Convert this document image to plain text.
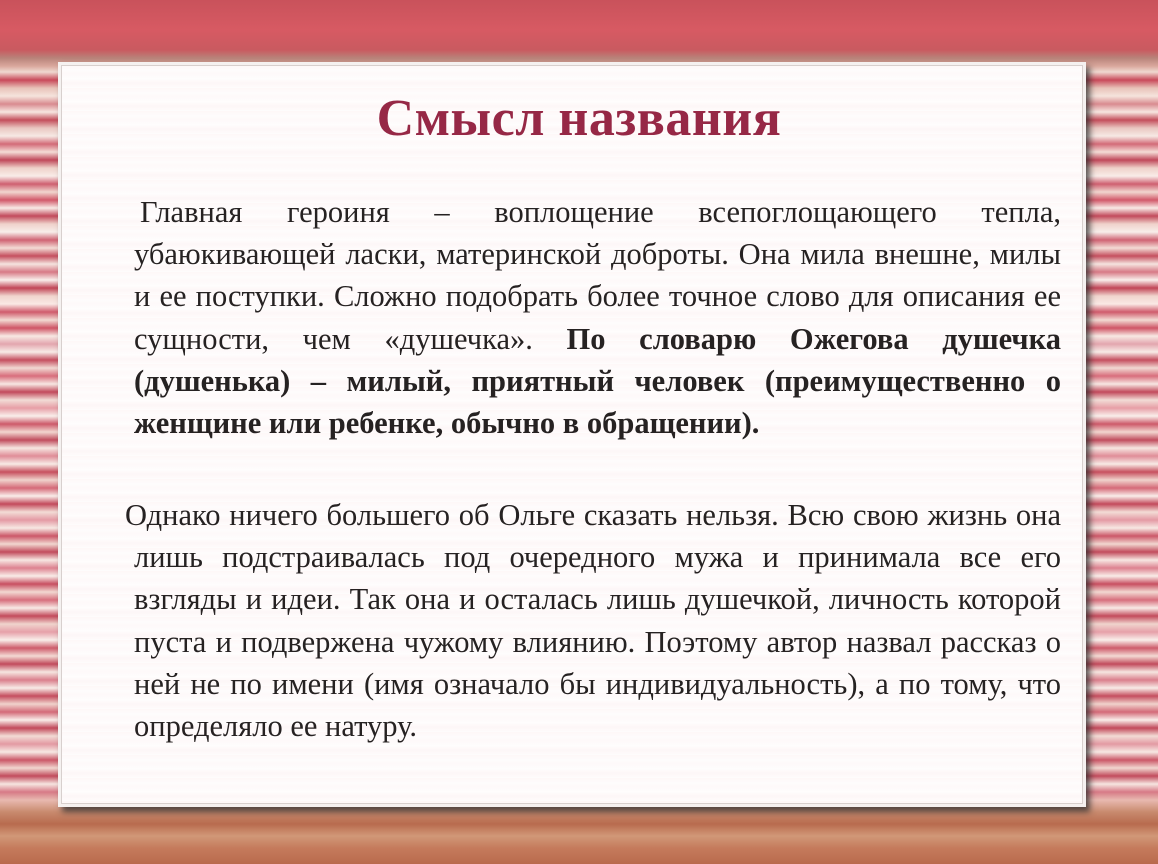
Смысл названия

Главная героиня – воплощение всепоглощающего тепла, убаюкивающей ласки, материнской доброты. Она мила внешне, милы и ее поступки. Сложно подобрать более точное слово для описания ее сущности, чем «душечка». По словарю Ожегова душечка (душенька) – милый, приятный человек (преимущественно о женщине или ребенке, обычно в обращении).

Однако ничего большего об Ольге сказать нельзя. Всю свою жизнь она лишь подстраивалась под очередного мужа и принимала все его взгляды и идеи. Так она и осталась лишь душечкой, личность которой пуста и подвержена чужому влиянию. Поэтому автор назвал рассказ о ней не по имени (имя означало бы индивидуальность), а по тому, что определяло ее натуру.
